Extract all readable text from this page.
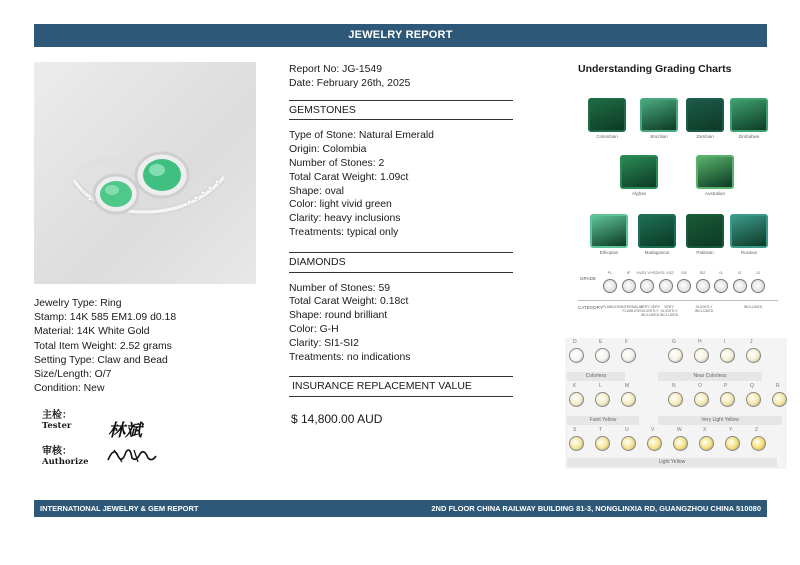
JEWELRY REPORT
Jewelry Type: Ring
Stamp: 14K 585 EM1.09 d0.18
Material: 14K White Gold
Total Item Weight: 2.52 grams
Setting Type: Claw and Bead
Size/Length: O/7
Condition: New
主检：
Tester
审核：
Authorize
林斌
Report No: JG-1549
Date: February 26th, 2025
GEMSTONES
Type of Stone: Natural Emerald
Origin: Colombia
Number of Stones: 2
Total Carat Weight: 1.09ct
Shape: oval
Color: light vivid green
Clarity: heavy inclusions
Treatments: typical only
DIAMONDS
Number of Stones: 59
Total Carat Weight: 0.18ct
Shape: round brilliant
Color: G-H
Clarity: SI1-SI2
Treatments: no indications
INSURANCE REPLACEMENT VALUE
$ 14,800.00 AUD
Understanding Grading Charts
Colombian	Brazilian	Zambian	Zimbabwe
Afghan	Australian
Ethiopian	Madagascar	Pakistan	Russian
GRADE
CATEGORY
FL	IF	VVS1 VVS2 VS1 VS2	SI1	SI2	I1	I2	I3
FLAWLESS INTERNALLY FLAWLESS
VERY VERY SLIGHTLY INCLUDED
VERY SLIGHTLY INCLUDED
SLIGHTLY INCLUDED
INCLUDED
D	E	F	G	H	I	J
K	L	M	N	O	P	Q	R
S	T	U	V	W	X	Y	Z
Colorless	Near Colorless
Faint Yellow	Very Light Yellow
Light Yellow
INTERNATIONAL JEWELRY & GEM REPORT	2ND FLOOR CHINA RAILWAY BUILDING 81-3, NONGLINXIA RD, GUANGZHOU CHINA 510080
